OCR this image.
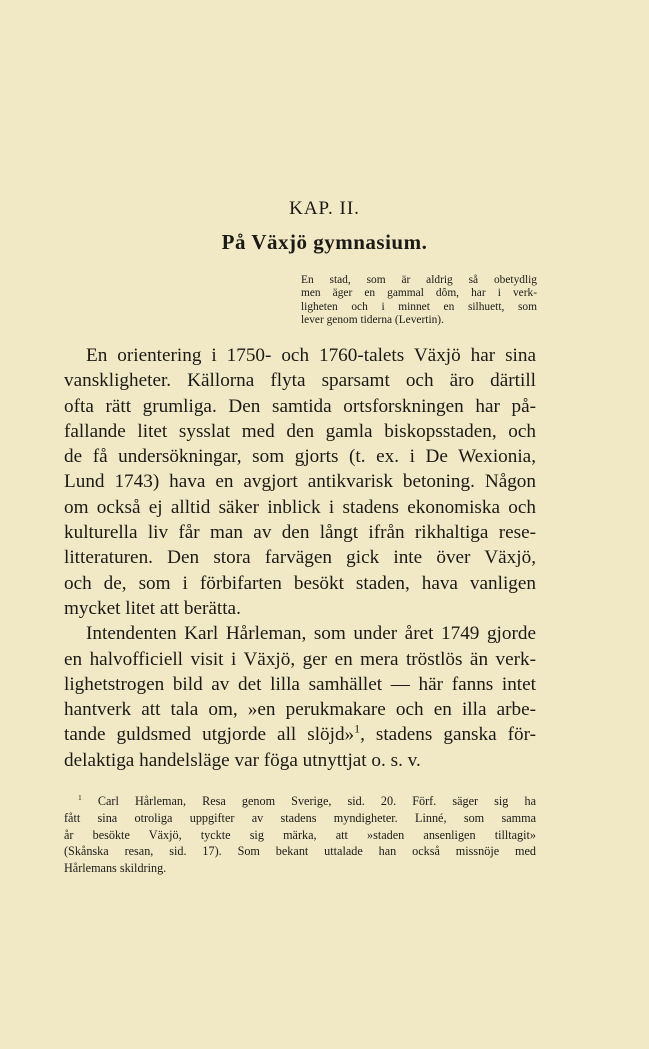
KAP. II.
På Växjö gymnasium.
En stad, som är aldrig så obetydlig
men äger en gammal dôm, har i verk-
ligheten och i minnet en silhuett, som
lever genom tiderna (Levertin).
En orientering i 1750- och 1760-talets Växjö har sina
vanskligheter. Källorna flyta sparsamt och äro därtill
ofta rätt grumliga. Den samtida ortsforskningen har på-
fallande litet sysslat med den gamla biskopsstaden, och
de få undersökningar, som gjorts (t. ex. i De Wexionia,
Lund 1743) hava en avgjort antikvarisk betoning. Någon
om också ej alltid säker inblick i stadens ekonomiska och
kulturella liv får man av den långt ifrån rikhaltiga rese-
litteraturen. Den stora farvägen gick inte över Växjö,
och de, som i förbifarten besökt staden, hava vanligen
mycket litet att berätta.
Intendenten Karl Hårleman, som under året 1749 gjorde
en halvofficiell visit i Växjö, ger en mera tröstlös än verk-
lighetstrogen bild av det lilla samhället — här fanns intet
hantverk att tala om, »en perukmakare och en illa arbe-
tande guldsmed utgjorde all slöjd»$^1$, stadens ganska för-
delaktiga handelsläge var föga utnyttjat o. s. v.
$^1$ Carl Hårleman, Resa genom Sverige, sid. 20. Förf. säger sig ha
fått sina otroliga uppgifter av stadens myndigheter. Linné, som samma
år besökte Växjö, tyckte sig märka, att »staden ansenligen tilltagit»
(Skånska resan, sid. 17). Som bekant uttalade han också missnöje med
Hårlemans skildring.
